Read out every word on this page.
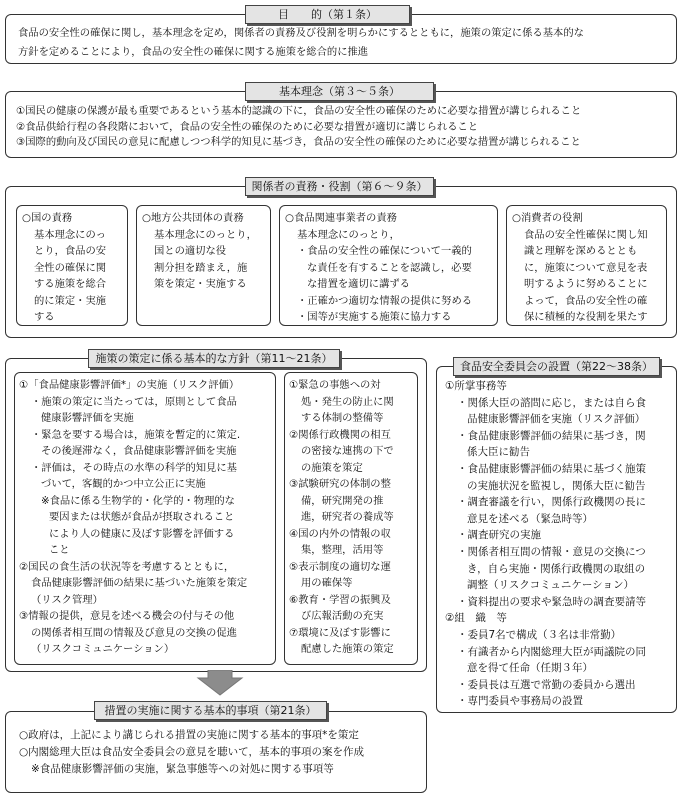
目　　的（第１条）
食品の安全性の確保に関し，基本理念を定め，関係者の責務及び役割を明らかにするとともに，施策の策定に係る基本的な
方針を定めることにより，食品の安全性の確保に関する施策を総合的に推進
基本理念（第３～５条）
①国民の健康の保護が最も重要であるという基本的認識の下に，食品の安全性の確保のために必要な措置が講じられること
②食品供給行程の各段階において，食品の安全性の確保のために必要な措置が適切に講じられること
③国際的動向及び国民の意見に配慮しつつ科学的知見に基づき，食品の安全性の確保のために必要な措置が講じられること
関係者の責務・役割（第６～９条）
○国の責務
基本理念にのっ
とり，食品の安
全性の確保に関
する施策を総合
的に策定・実施
する
○地方公共団体の責務
基本理念にのっとり，
国との適切な役
割分担を踏まえ，施
策を策定・実施する
○食品関連事業者の責務
基本理念にのっとり，
・食品の安全性の確保について一義的
な責任を有することを認識し，必要
な措置を適切に講ずる
・正確かつ適切な情報の提供に努める
・国等が実施する施策に協力する
○消費者の役割
食品の安全性確保に関し知
識と理解を深めるととも
に，施策について意見を表
明するように努めることに
よって，食品の安全性の確
保に積極的な役割を果たす
施策の策定に係る基本的な方針（第11～21条）
①「食品健康影響評価*」の実施（リスク評価）
・施策の策定に当たっては，原則として食品
健康影響評価を実施
・緊急を要する場合は，施策を暫定的に策定.
その後遅滞なく，食品健康影響評価を実施
・評価は，その時点の水準の科学的知見に基
づいて，客観的かつ中立公正に実施
※食品に係る生物学的・化学的・物理的な
要因または状態が食品が摂取されること
により人の健康に及ぼす影響を評価する
こと
②国民の食生活の状況等を考慮するとともに，
食品健康影響評価の結果に基づいた施策を策定
（リスク管理）
③情報の提供，意見を述べる機会の付与その他
の関係者相互間の情報及び意見の交換の促進
（リスクコミュニケーション）
①緊急の事態への対
処・発生の防止に関
する体制の整備等
②関係行政機関の相互
の密接な連携の下で
の施策を策定
③試験研究の体制の整
備，研究開発の推
進，研究者の養成等
④国の内外の情報の収
集，整理，活用等
⑤表示制度の適切な運
用の確保等
⑥教育・学習の振興及
び広報活動の充実
⑦環境に及ぼす影響に
配慮した施策の策定
食品安全委員会の設置（第22～38条）
①所掌事務等
・関係大臣の諮問に応じ，または自ら食
品健康影響評価を実施（リスク評価）
・食品健康影響評価の結果に基づき，関
係大臣に勧告
・食品健康影響評価の結果に基づく施策
の実施状況を監視し，関係大臣に勧告
・調査審議を行い，関係行政機関の長に
意見を述べる（緊急時等）
・調査研究の実施
・関係者相互間の情報・意見の交換につ
き，自ら実施・関係行政機関の取組の
調整（リスクコミュニケーション）
・資料提出の要求や緊急時の調査要請等
②組　織　等
・委員7名で構成（３名は非常勤）
・有識者から内閣総理大臣が両議院の同
意を得て任命（任期３年）
・委員長は互選で常勤の委員から選出
・専門委員や事務局の設置
措置の実施に関する基本的事項（第21条）
○政府は，上記により講じられる措置の実施に関する基本的事項*を策定
○内閣総理大臣は食品安全委員会の意見を聴いて，基本的事項の案を作成
※食品健康影響評価の実施，緊急事態等への対処に関する事項等
